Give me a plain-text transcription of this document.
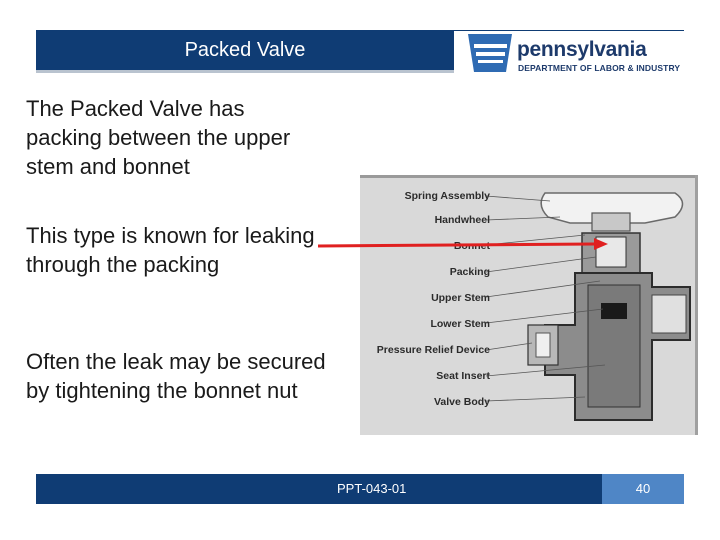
Packed Valve	pennsylvania
DEPARTMENT OF LABOR & INDUSTRY
The Packed Valve has packing between the upper stem and bonnet
This type is known for leaking through the packing
Often the leak may be secured by tightening the bonnet nut
Spring Assembly
Handwheel
Packing
Upper Stem
Lower Stem
Pressure Relief Device
Seat Insert
Valve Body
PPT-043-01	40
